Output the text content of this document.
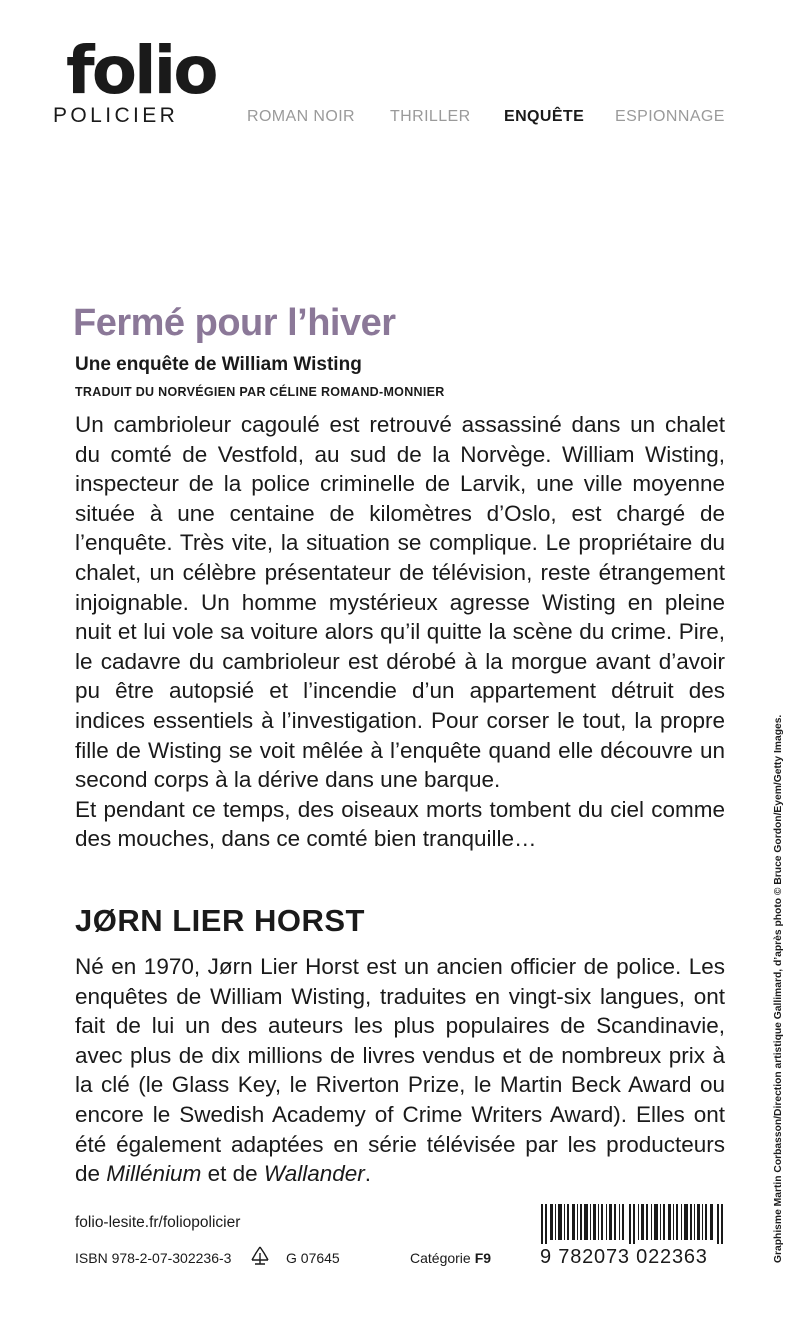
folio
POLICIER	ROMAN NOIR THRILLER ENQUÊTE ESPIONNAGE
Fermé pour l’hiver
Une enquête de William Wisting
TRADUIT DU NORVÉGIEN PAR CÉLINE ROMAND-MONNIER

Un cambrioleur cagoulé est retrouvé assassiné dans un chalet du comté de Vestfold, au sud de la Norvège. William Wisting, inspecteur de la police criminelle de Larvik, une ville moyenne située à une centaine de kilomètres d’Oslo, est chargé de l’enquête. Très vite, la situation se complique. Le propriétaire du chalet, un célèbre présentateur de télévision, reste étrangement injoignable. Un homme mystérieux agresse Wisting en pleine nuit et lui vole sa voiture alors qu’il quitte la scène du crime. Pire, le cadavre du cambrioleur est dérobé à la morgue avant d’avoir pu être autopsié et l’incendie d’un appartement détruit des indices essentiels à l’investigation. Pour corser le tout, la propre fille de Wisting se voit mêlée à l’enquête quand elle découvre un second corps à la dérive dans une barque.

Et pendant ce temps, des oiseaux morts tombent du ciel comme des mouches, dans ce comté bien tranquille…

JØRN LIER HORST

Né en 1970, Jørn Lier Horst est un ancien officier de police. Les enquêtes de William Wisting, traduites en vingt-six langues, ont fait de lui un des auteurs les plus populaires de Scandinavie, avec plus de dix millions de livres vendus et de nombreux prix à la clé (le Glass Key, le Riverton Prize, le Martin Beck Award ou encore le Swedish Academy of Crime Writers Award). Elles ont été également adaptées en série télévisée par les producteurs de Millénium et de Wallander.

folio-lesite.fr/foliopolicier
ISBN 978-2-07-302236-3	G 07645	Catégorie F9 9 782073 022363	Graphisme Martin Corbasson/Direction artistique Gallimard, d’après photo © Bruce Gordon/Eyem/Getty Images.
